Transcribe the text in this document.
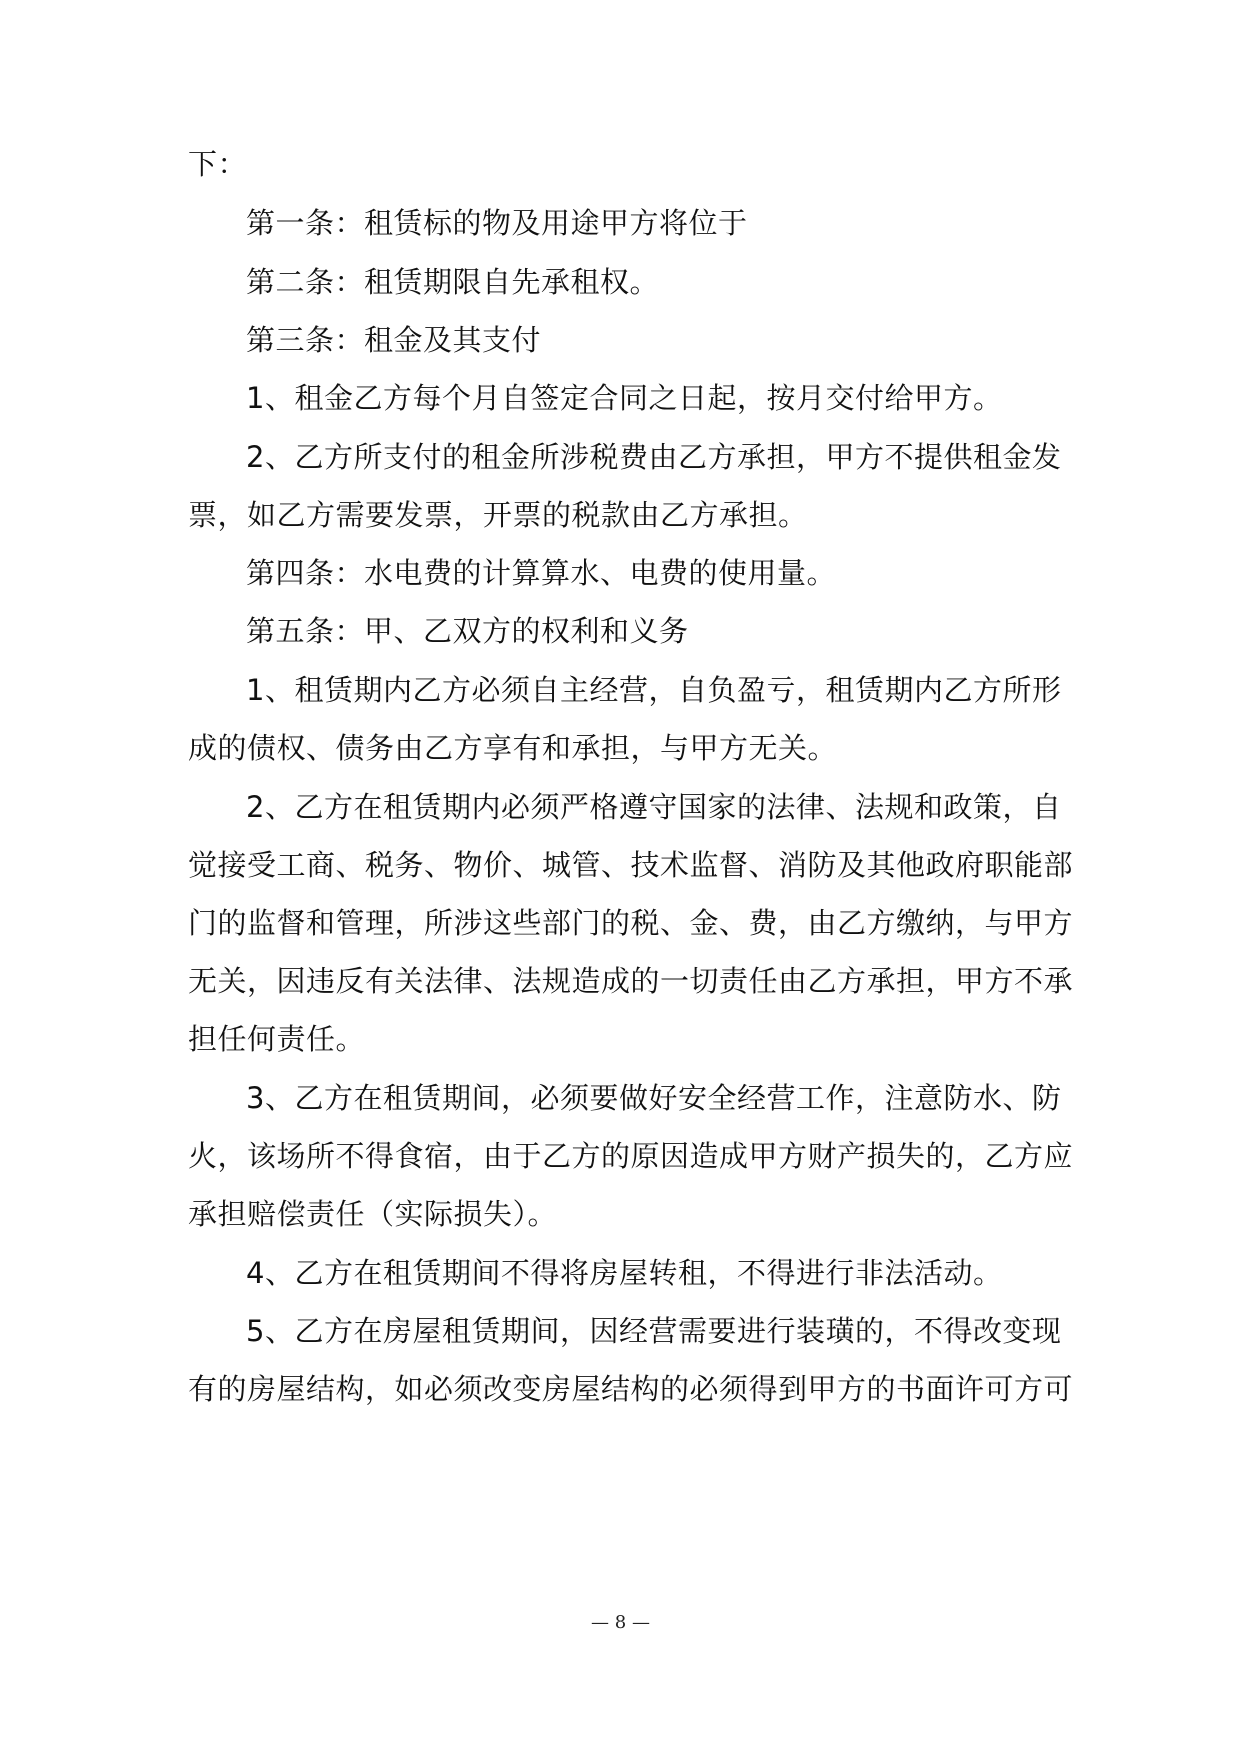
下：

第一条：租赁标的物及用途甲方将位于

第二条：租赁期限自先承租权。

第三条：租金及其支付

1、租金乙方每个月自签定合同之日起，按月交付给甲方。

2、乙方所支付的租金所涉税费由乙方承担，甲方不提供租金发

票，如乙方需要发票，开票的税款由乙方承担。

第四条：水电费的计算算水、电费的使用量。

第五条：甲、乙双方的权利和义务

1、租赁期内乙方必须自主经营，自负盈亏，租赁期内乙方所形

成的债权、债务由乙方享有和承担，与甲方无关。

2、乙方在租赁期内必须严格遵守国家的法律、法规和政策，自

觉接受工商、税务、物价、城管、技术监督、消防及其他政府职能部

门的监督和管理，所涉这些部门的税、金、费，由乙方缴纳，与甲方

无关，因违反有关法律、法规造成的一切责任由乙方承担，甲方不承

担任何责任。

3、乙方在租赁期间，必须要做好安全经营工作，注意防水、防

火，该场所不得食宿，由于乙方的原因造成甲方财产损失的，乙方应

承担赔偿责任（实际损失）。

4、乙方在租赁期间不得将房屋转租，不得进行非法活动。

5、乙方在房屋租赁期间，因经营需要进行装璜的，不得改变现

有的房屋结构，如必须改变房屋结构的必须得到甲方的书面许可方可

— 8 —
